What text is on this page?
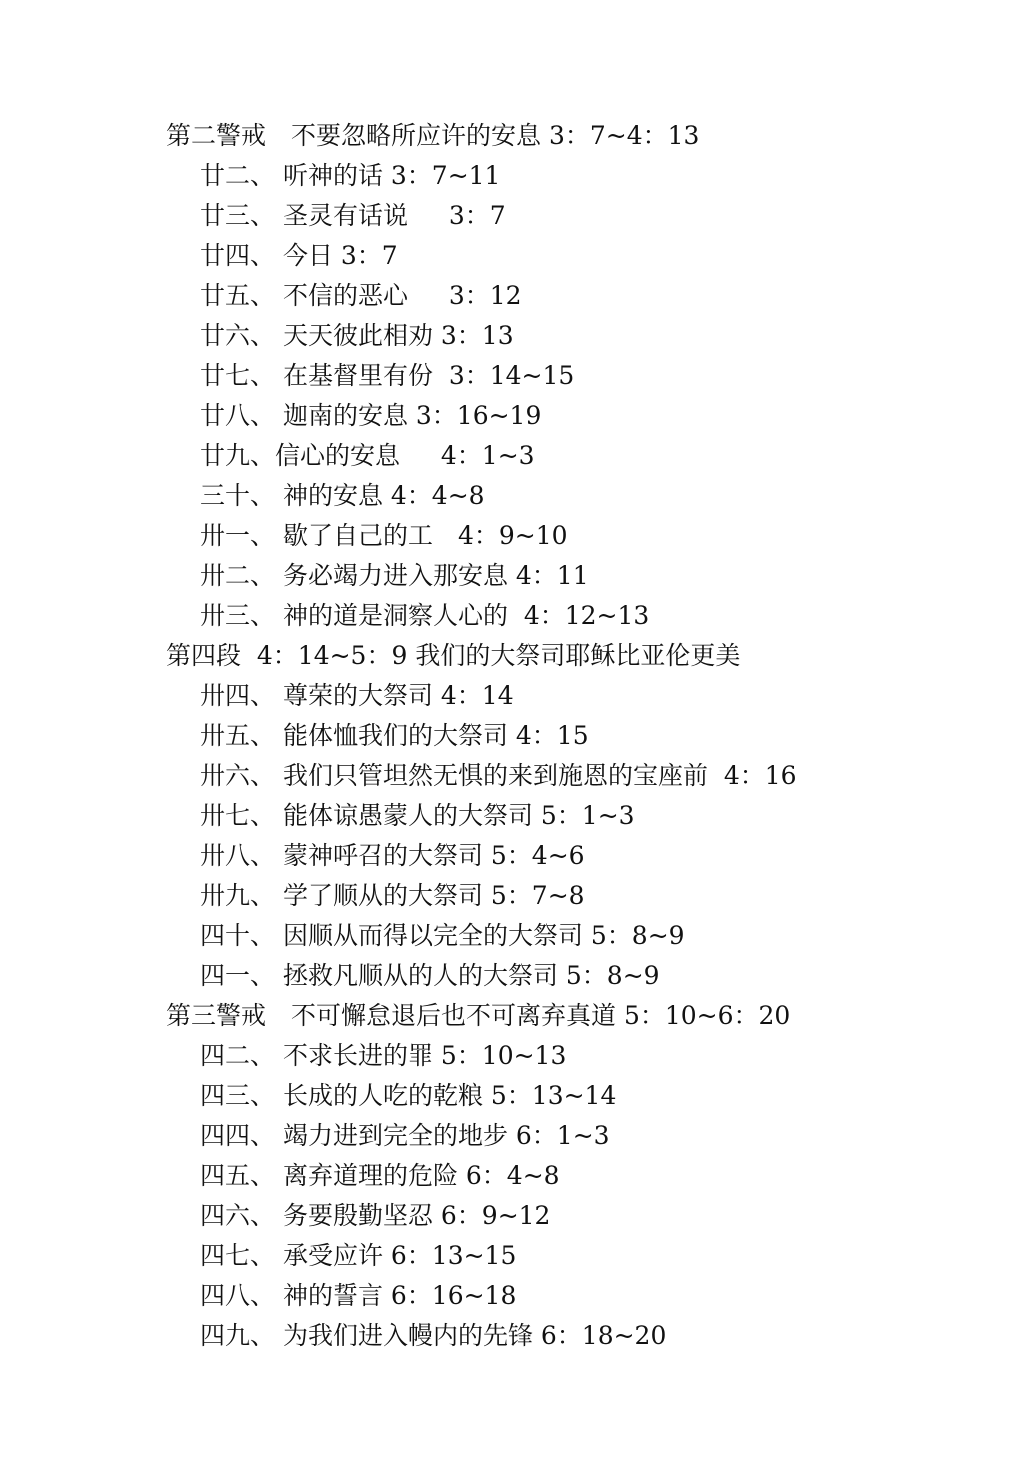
第二警戒　不要忽略所应许的安息 3：7~4：13
廿二、 听神的话 3：7~11
廿三、 圣灵有话说　  3：7
廿四、 今日 3：7
廿五、 不信的恶心　  3：12
廿六、 天天彼此相劝 3：13
廿七、 在基督里有份  3：14~15
廿八、 迦南的安息 3：16~19
廿九、信心的安息　  4：1~3
三十、 神的安息 4：4~8
卅一、 歇了自己的工　4：9~10
卅二、 务必竭力进入那安息 4：11
卅三、 神的道是洞察人心的  4：12~13
第四段  4：14~5：9 我们的大祭司耶稣比亚伦更美
卅四、 尊荣的大祭司 4：14
卅五、 能体恤我们的大祭司 4：15
卅六、 我们只管坦然无惧的来到施恩的宝座前  4：16
卅七、 能体谅愚蒙人的大祭司 5：1~3
卅八、 蒙神呼召的大祭司 5：4~6
卅九、 学了顺从的大祭司 5：7~8
四十、 因顺从而得以完全的大祭司 5：8~9
四一、 拯救凡顺从的人的大祭司 5：8~9
第三警戒　不可懈怠退后也不可离弃真道 5：10~6：20
四二、 不求长进的罪 5：10~13
四三、 长成的人吃的乾粮 5：13~14
四四、 竭力进到完全的地步 6：1~3
四五、 离弃道理的危险 6：4~8
四六、 务要殷勤坚忍 6：9~12
四七、 承受应许 6：13~15
四八、 神的誓言 6：16~18
四九、 为我们进入幔内的先锋 6：18~20
